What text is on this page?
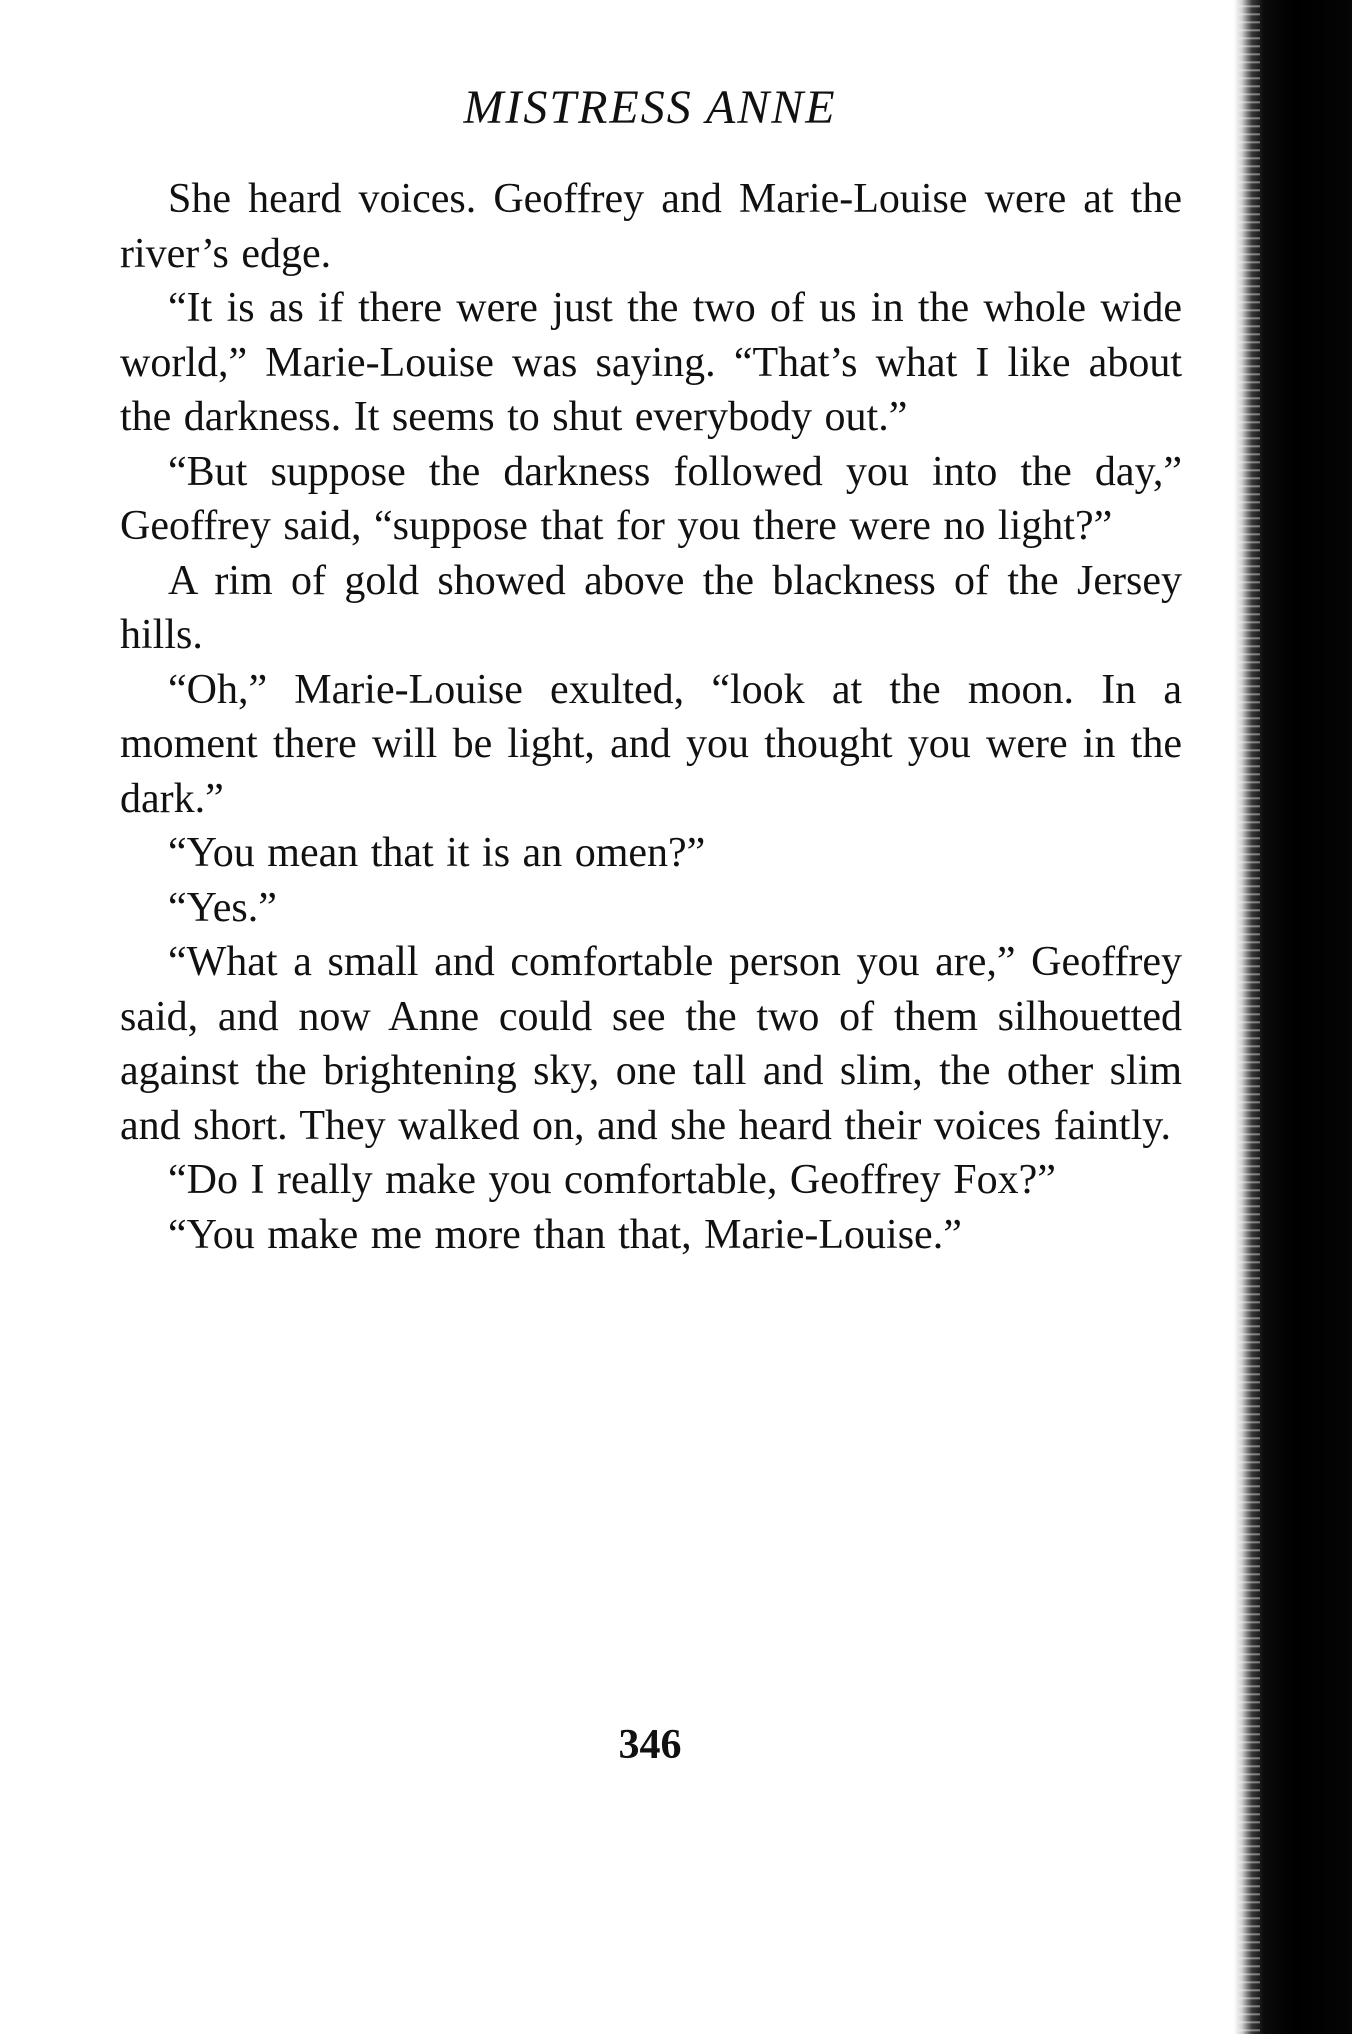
MISTRESS ANNE

She heard voices. Geoffrey and Marie-Louise were at the river’s edge.

“It is as if there were just the two of us in the whole wide world,” Marie-Louise was saying. “That’s what I like about the darkness. It seems to shut everybody out.”

“But suppose the darkness followed you into the day,” Geoffrey said, “suppose that for you there were no light?”

A rim of gold showed above the blackness of the Jersey hills.

“Oh,” Marie-Louise exulted, “look at the moon. In a moment there will be light, and you thought you were in the dark.”

“You mean that it is an omen?”

“Yes.”

“What a small and comfortable person you are,” Geoffrey said, and now Anne could see the two of them silhouetted against the brightening sky, one tall and slim, the other slim and short. They walked on, and she heard their voices faintly.

“Do I really make you comfortable, Geoffrey Fox?”

“You make me more than that, Marie-Louise.”

346
